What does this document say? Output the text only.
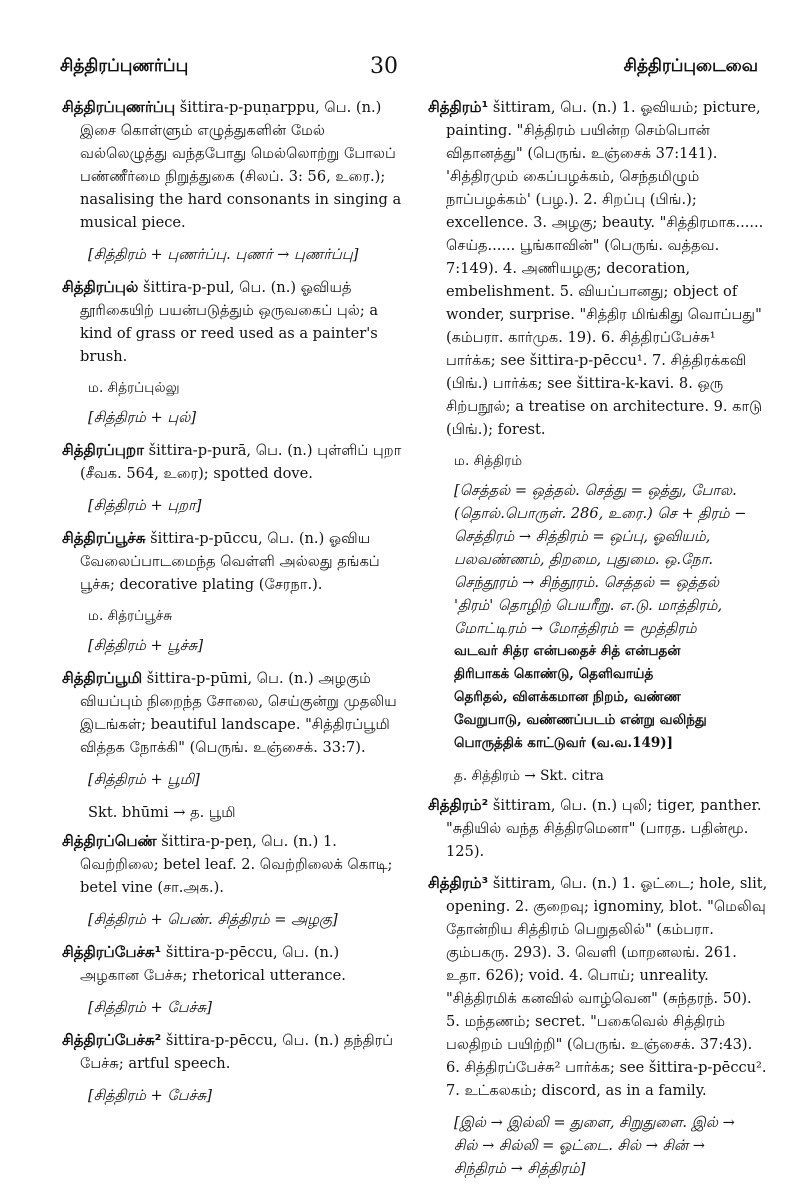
சித்திரப்புணர்ப்பு	30	சித்திரப்புடைவை
சித்திரப்புணர்ப்பு šittira-p-puṇarppu, பெ. (n.) இசை கொள்ளும் எழுத்துகளின் மேல் வல்லெழுத்து வந்தபோது மெல்லொற்று போலப் பண்ணீர்மை நிறுத்துகை (சிலப். 3: 56, உரை.); nasalising the hard consonants in singing a musical piece.
[சித்திரம் + புணர்ப்பு. புணர் → புணர்ப்பு]
சித்திரப்புல் šittira-p-pul, பெ. (n.) ஓவியத் தூரிகையிற் பயன்படுத்தும் ஒருவகைப் புல்; a kind of grass or reed used as a painter's brush.
ம. சித்ரப்புல்லு
[சித்திரம் + புல்]
சித்திரப்புறா šittira-p-purā, பெ. (n.) புள்ளிப் புறா (சீவக. 564, உரை); spotted dove.
[சித்திரம் + புறா]
சித்திரப்பூச்சு šittira-p-pūccu, பெ. (n.) ஓவிய வேலைப்பாடமைந்த வெள்ளி அல்லது தங்கப் பூச்சு; decorative plating (சேரநா.).
ம. சித்ரப்பூச்சு
[சித்திரம் + பூச்சு]
சித்திரப்பூமி šittira-p-pūmi, பெ. (n.) அழகும் வியப்பும் நிறைந்த சோலை, செய்குன்று முதலிய இடங்கள்; beautiful landscape. "சித்திரப்பூமி வித்தக நோக்கி" (பெருங். உஞ்சைக். 33:7).
[சித்திரம் + பூமி]
Skt. bhūmi → த. பூமி
சித்திரப்பெண் šittira-p-peṇ, பெ. (n.) 1. வெற்றிலை; betel leaf. 2. வெற்றிலைக் கொடி; betel vine (சா.அக.).
[சித்திரம் + பெண். சித்திரம் = அழகு]
சித்திரப்பேச்சு¹ šittira-p-pēccu, பெ. (n.) அழகான பேச்சு; rhetorical utterance.
[சித்திரம் + பேச்சு]
சித்திரப்பேச்சு² šittira-p-pēccu, பெ. (n.) தந்திரப் பேச்சு; artful speech.
[சித்திரம் + பேச்சு]
சித்திரம்¹ šittiram, பெ. (n.) 1. ஓவியம்; picture, painting. "சித்திரம் பயின்ற செம்பொன் விதானத்து" (பெருங். உஞ்சைக் 37:141). 'சித்திரமும் கைப்பழக்கம், செந்தமிழும் நாப்பழக்கம்' (பழ.). 2. சிறப்பு (பிங்.); excellence. 3. அழகு; beauty. "சித்திரமாக...... செய்த...... பூங்காவின்" (பெருங். வத்தவ. 7:149). 4. அணியழகு; decoration, embelishment. 5. வியப்பானது; object of wonder, surprise. "சித்திர மிங்கிது வொப்பது" (கம்பரா. கார்முக. 19). 6. சித்திரப்பேச்சு¹ பார்க்க; see šittira-p-pēccu¹. 7. சித்திரக்கவி (பிங்.) பார்க்க; see šittira-k-kavi. 8. ஒரு சிற்பநூல்; a treatise on architecture. 9. காடு (பிங்.); forest.
ம. சித்திரம்
[செத்தல் = ஒத்தல். செத்து = ஒத்து, போல.
(தொல்.பொருள். 286, உரை.) செ + திரம் −
செத்திரம் → சித்திரம் = ஒப்பு, ஓவியம்,
பலவண்ணம், திறமை, புதுமை. ஒ.நோ.
செந்தூரம் → சிந்தூரம். செத்தல் = ஒத்தல்
'திரம்' தொழிற் பெயரீறு. எ.டு. மாத்திரம்,
மோட்டிரம் → மோத்திரம் = மூத்திரம்
வடவர் சித்ர என்பதைச் சித் என்பதன்
திரிபாகக் கொண்டு, தெளிவாய்த்
தெரிதல், விளக்கமான நிறம், வண்ண
வேறுபாடு, வண்ணப்படம் என்று வலிந்து
பொருத்திக் காட்டுவர் (வ.வ.149)]
த. சித்திரம் → Skt. citra
சித்திரம்² šittiram, பெ. (n.) புலி; tiger, panther. "சுதியில் வந்த சித்திரமெனா" (பாரத. பதின்மூ. 125).
சித்திரம்³ šittiram, பெ. (n.) 1. ஓட்டை; hole, slit, opening. 2. குறைவு; ignominy, blot. "மெலிவு தோன்றிய சித்திரம் பெறுதலில்" (கம்பரா. கும்பகரு. 293). 3. வெளி (மாறனலங். 261. உதா. 626); void. 4. பொய்; unreality. "சித்திரமிக் கனவில் வாழ்வென" (சுந்தரந். 50). 5. மந்தணம்; secret. "பகைவெல் சித்திரம் பலதிறம் பயிற்றி" (பெருங். உஞ்சைக். 37:43). 6. சித்திரப்பேச்சு² பார்க்க; see šittira-p-pēccu². 7. உட்கலகம்; discord, as in a family.
[இல் → இல்லி = துளை, சிறுதுளை. இல் →
சில் → சில்லி = ஓட்டை. சில் → சின் →
சிந்திரம் → சித்திரம்]
